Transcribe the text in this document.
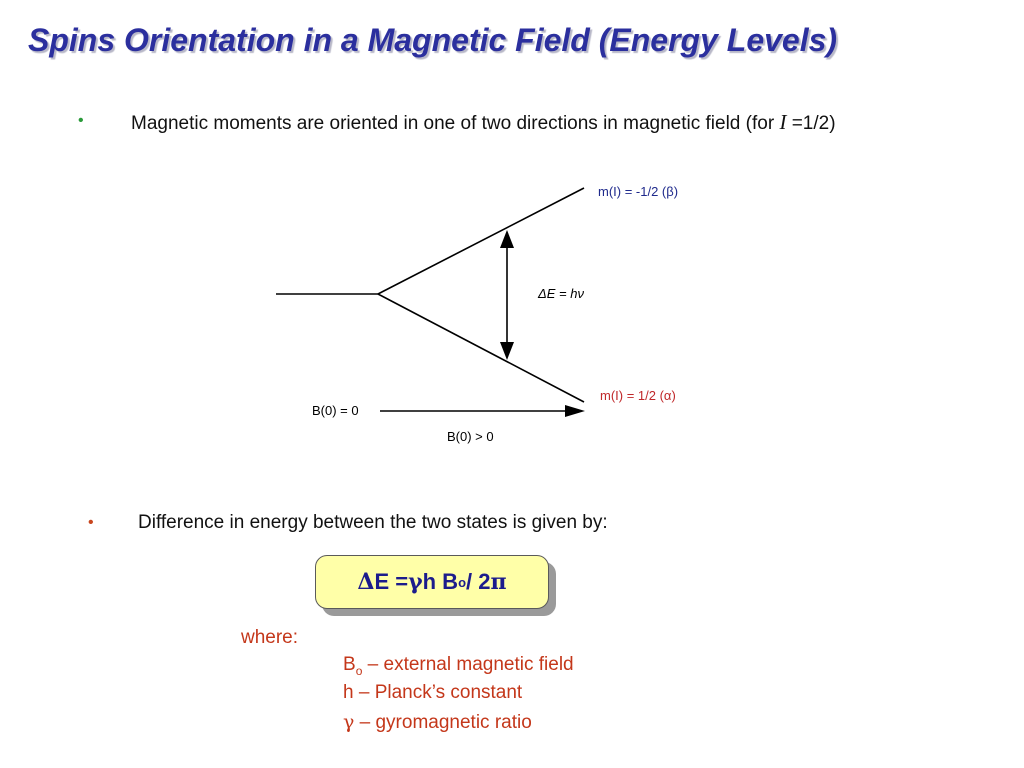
Spins Orientation in a Magnetic Field (Energy Levels)
• Magnetic moments are oriented in one of two directions in magnetic field (for I =1/2)
m(I) = -1/2 (β)
m(I) = 1/2 (α)
ΔE = hν
B(0) = 0
B(0) > 0
• Difference in energy between the two states is given by:
Δ E = γ h B o / 2 π
where:
$B_o$ – external magnetic field
h – Planck’s constant
γ – gyromagnetic ratio
